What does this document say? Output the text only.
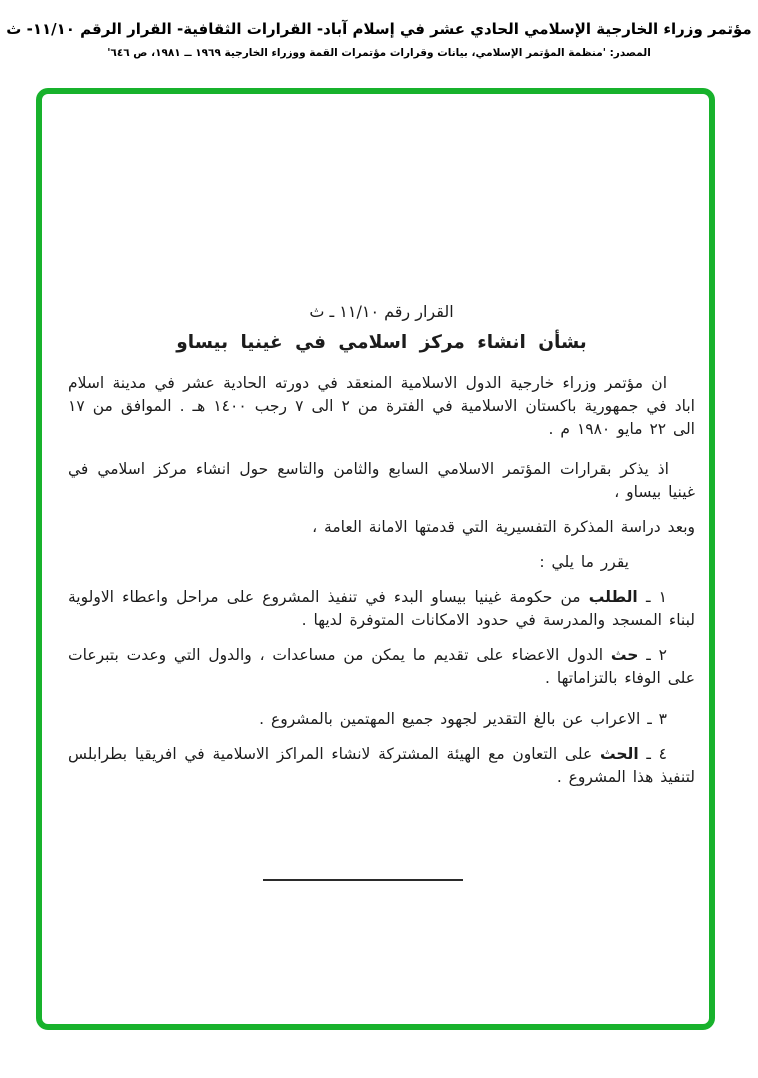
مؤتمر وزراء الخارجية الإسلامي الحادي عشر في إسلام آباد- القرارات الثقافية- القرار الرقم ١١/١٠- ث
المصدر: 'منظمة المؤتمر الإسلامي، بيانات وقرارات مؤتمرات القمة ووزراء الخارجية ١٩٦٩ ــ ١٩٨١، ص ٦٤٦'

القرار رقم ١١/١٠ ـ ث

بشأن انشاء مركز اسلامي في غينيا بيساو

ان مؤتمر وزراء خارجية الدول الاسلامية المنعقد في دورته الحادية عشر في مدينة اسلام اباد في جمهورية باكستان الاسلامية في الفترة من ٢ الى ٧ رجب ١٤٠٠ هـ . الموافق من ١٧ الى ٢٢ مايو ١٩٨٠ م .

اذ يذكر بقرارات المؤتمر الاسلامي السابع والثامن والتاسع حول انشاء مركز اسلامي في غينيا بيساو ،

وبعد دراسة المذكرة التفسيرية التي قدمتها الامانة العامة ،

يقرر ما يلي :

١ ـ الطلب من حكومة غينيا بيساو البدء في تنفيذ المشروع على مراحل واعطاء الاولوية لبناء المسجد والمدرسة في حدود الامكانات المتوفرة لديها .

٢ ـ حث الدول الاعضاء على تقديم ما يمكن من مساعدات ، والدول التي وعدت بتبرعات على الوفاء بالتزاماتها .

٣ ـ الاعراب عن بالغ التقدير لجهود جميع المهتمين بالمشروع .

٤ ـ الحث على التعاون مع الهيئة المشتركة لانشاء المراكز الاسلامية في افريقيا بطرابلس لتنفيذ هذا المشروع .
